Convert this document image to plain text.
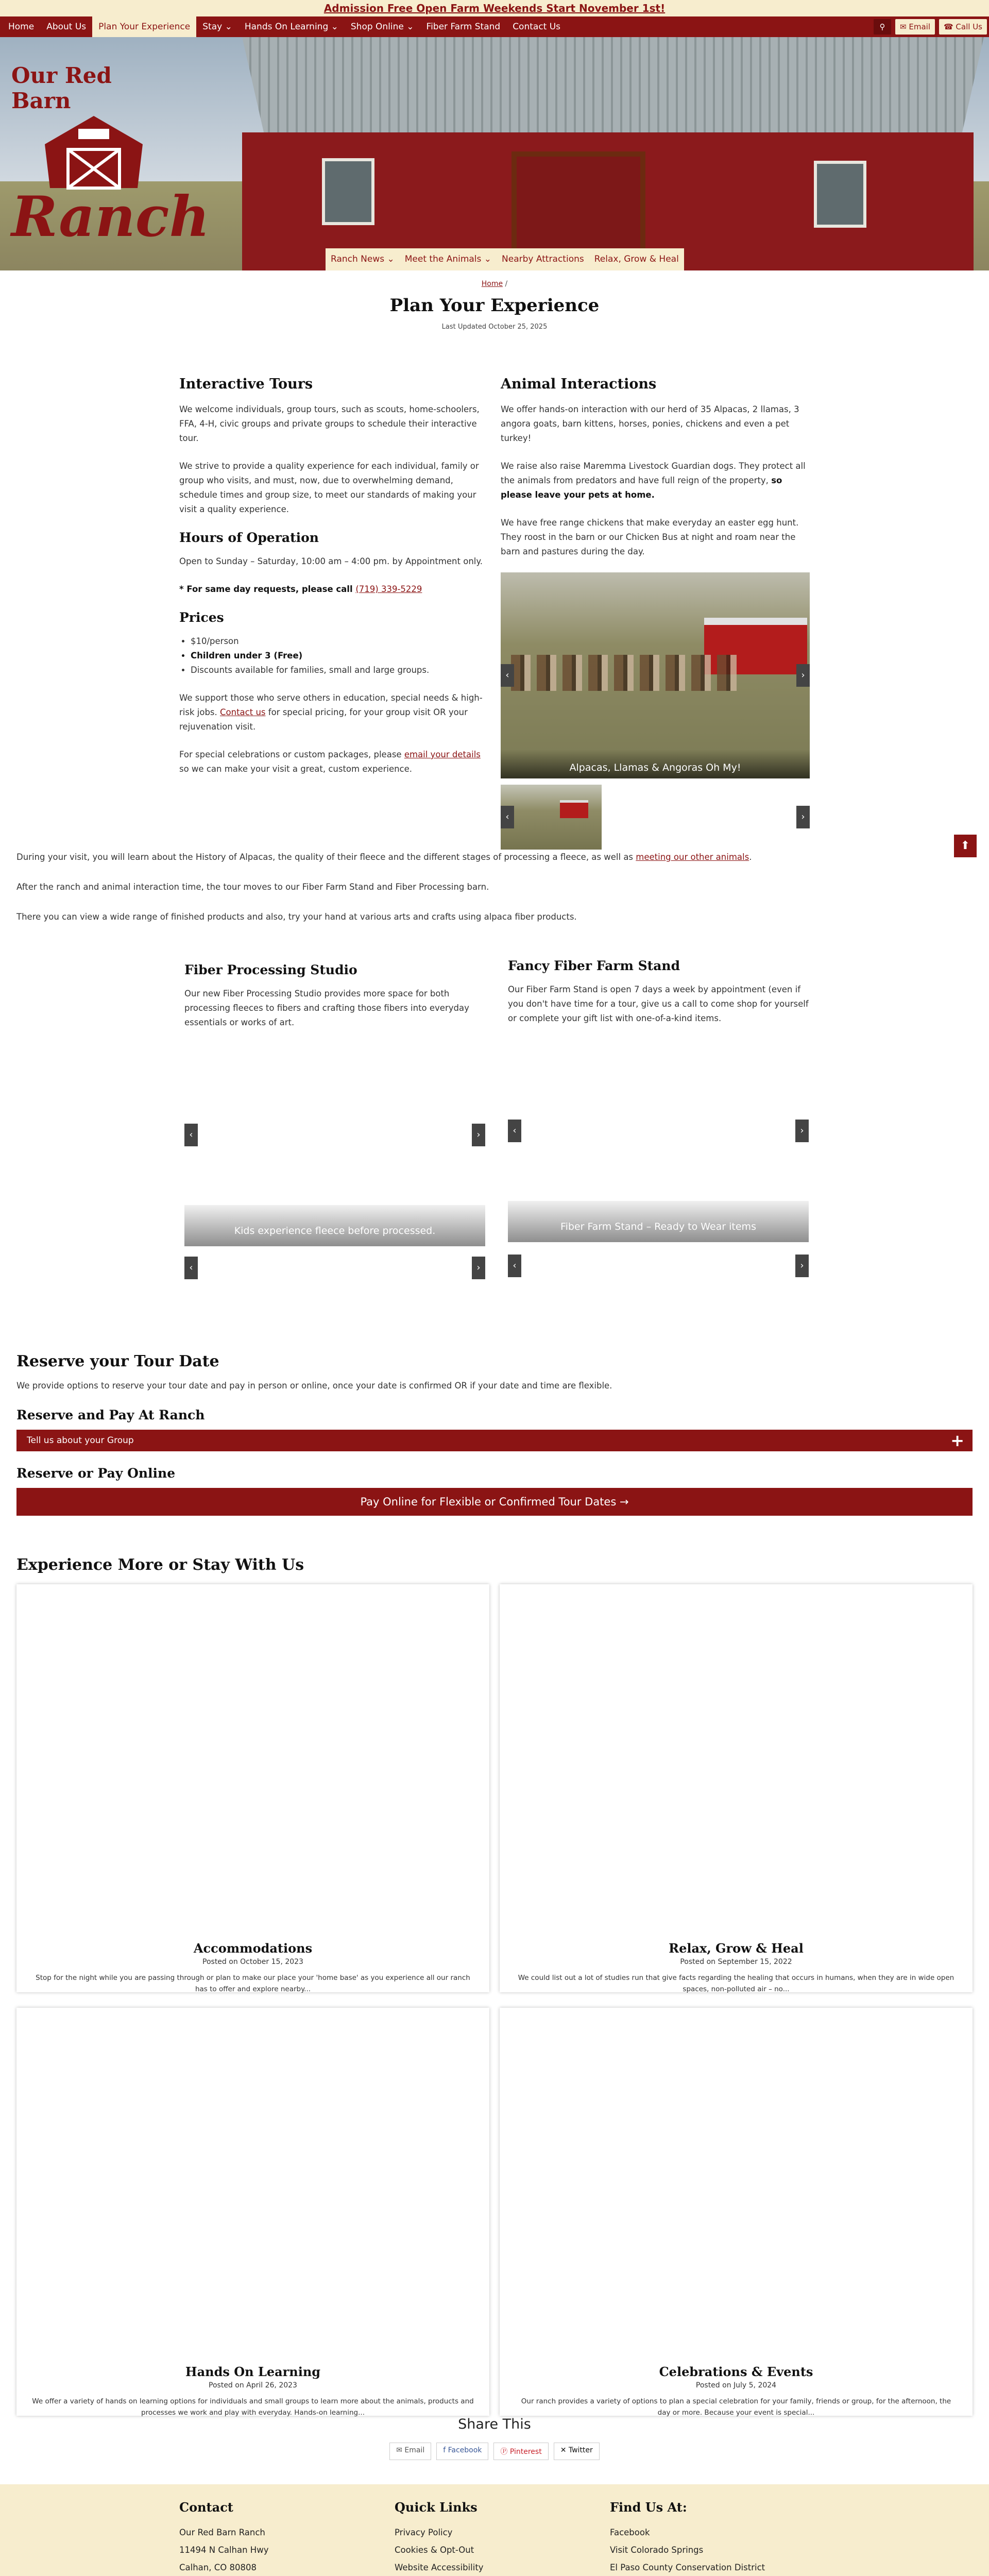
Admission Free Open Farm Weekends Start November 1st!
Home	About Us	Plan Your Experience	Stay ⌄	Hands On Learning ⌄	Shop Online ⌄	Fiber Farm Stand	Contact Us	⚲	✉ Email	☎ Call Us
Our Red Barn
Ranch
Ranch News ⌄	Meet the Animals ⌄	Nearby Attractions	Relax, Grow & Heal
Home /
Plan Your Experience
Last Updated October 25, 2025
Interactive Tours

We welcome individuals, group tours, such as scouts, home-schoolers, FFA, 4-H, civic groups and private groups to schedule their interactive tour.

We strive to provide a quality experience for each individual, family or group who visits, and must, now, due to overwhelming demand, schedule times and group size, to meet our standards of making your visit a quality experience.

Hours of Operation

Open to Sunday – Saturday, 10:00 am – 4:00 pm. by Appointment only.

* For same day requests, please call (719) 339-5229

Prices
• $10/person
• Children under 3 (Free)
• Discounts available for families, small and large groups.

We support those who serve others in education, special needs & high-risk jobs. Contact us for special pricing, for your group visit OR your rejuvenation visit.

For special celebrations or custom packages, please email your details so we can make your visit a great, custom experience.

Animal Interactions

We offer hands-on interaction with our herd of 35 Alpacas, 2 llamas, 3 angora goats, barn kittens, horses, ponies, chickens and even a pet turkey!

We raise also raise Maremma Livestock Guardian dogs. They protect all the animals from predators and have full reign of the property, so please leave your pets at home.

We have free range chickens that make everyday an easter egg hunt. They roost in the barn or our Chicken Bus at night and roam near the barn and pastures during the day.

‹	›
Alpacas, Llamas & Angoras Oh My!
‹	›
⬆

During your visit, you will learn about the History of Alpacas, the quality of their fleece and the different stages of processing a fleece, as well as meeting our other animals.

After the ranch and animal interaction time, the tour moves to our Fiber Farm Stand and Fiber Processing barn.

There you can view a wide range of finished products and also, try your hand at various arts and crafts using alpaca fiber products.

Fiber Processing Studio

Our new Fiber Processing Studio provides more space for both processing fleeces to fibers and crafting those fibers into everyday essentials or works of art.

‹	›
Kids experience fleece before processed.
‹	›
Fancy Fiber Farm Stand

Our Fiber Farm Stand is open 7 days a week by appointment (even if you don't have time for a tour, give us a call to come shop for yourself or complete your gift list with one-of-a-kind items.

‹	›
Fiber Farm Stand – Ready to Wear items
‹	›
Reserve your Tour Date

We provide options to reserve your tour date and pay in person or online, once your date is confirmed OR if your date and time are flexible.

Reserve and Pay At Ranch
Tell us about your Group	+
Reserve or Pay Online
Pay Online for Flexible or Confirmed Tour Dates →
Experience More or Stay With Us
Accommodations
Posted on October 15, 2023
Stop for the night while you are passing through or plan to make our place your 'home base' as you experience all our ranch has to offer and explore nearby...
Relax, Grow & Heal
Posted on September 15, 2022
We could list out a lot of studies run that give facts regarding the healing that occurs in humans, when they are in wide open spaces, non-polluted air – no...
Hands On Learning
Posted on April 26, 2023
We offer a variety of hands on learning options for individuals and small groups to learn more about the animals, products and processes we work and play with everyday. Hands-on learning...
Celebrations & Events
Posted on July 5, 2024
Our ranch provides a variety of options to plan a special celebration for your family, friends or group, for the afternoon, the day or more. Because your event is special...
Share This
✉ Email	f Facebook	Ⓟ Pinterest	✕ Twitter
Contact
Our Red Barn Ranch
11494 N Calhan Hwy
Calhan, CO 80808
Quick Links
Privacy Policy
Cookies & Opt-Out
Website Accessibility
Find Us At:
Facebook
Visit Colorado Springs
El Paso County Conservation District
